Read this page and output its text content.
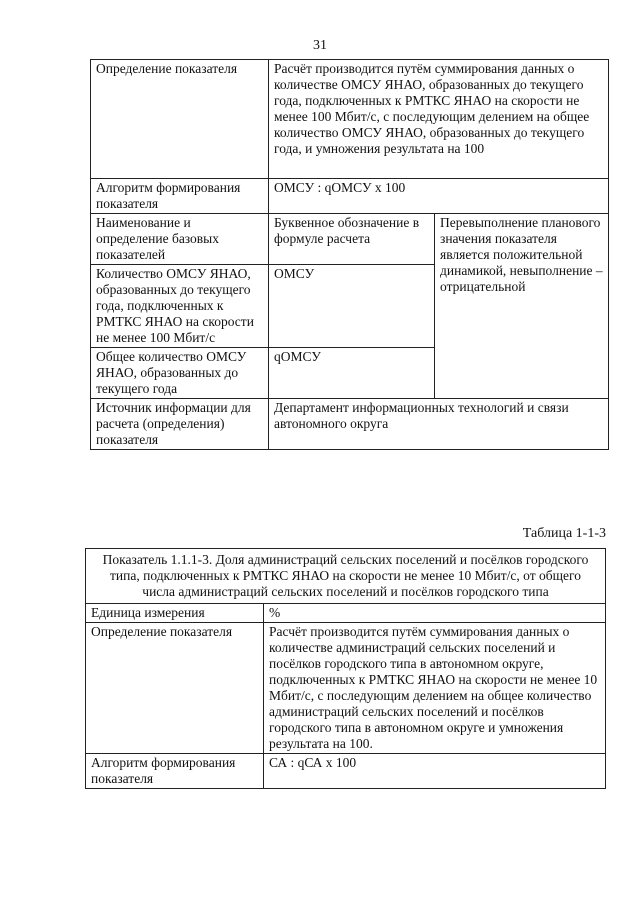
31
Определение показателя	Расчёт производится путём суммирования данных о количестве ОМСУ ЯНАО, образованных до текущего года, подключенных к РМТКС ЯНАО на скорости не менее 100 Мбит/с, с последующим делением на общее количество ОМСУ ЯНАО, образованных до текущего года, и умножения результата на 100	
Алгоритм формирования показателя	ОМСУ : qОМСУ х 100	
Наименование и определение базовых показателей	Буквенное обозначение в формуле расчета	Перевыполнение планового значения показателя является положительной динамикой, невыполнение – отрицательной
Количество ОМСУ ЯНАО, образованных до текущего года, подключенных к РМТКС ЯНАО на скорости не менее 100 Мбит/с	ОМСУ	
Общее количество ОМСУ ЯНАО, образованных до текущего года	qОМСУ	
Источник информации для расчета (определения) показателя	Департамент информационных технологий и связи автономного округа	
Таблица 1-1-3
Показатель 1.1.1-3. Доля администраций сельских поселений и посёлков городского типа, подключенных к РМТКС ЯНАО на скорости не менее 10 Мбит/с, от общего числа администраций сельских поселений и посёлков городского типа	
Единица измерения	%
Определение показателя	Расчёт производится путём суммирования данных о количестве администраций сельских поселений и посёлков городского типа в автономном округе, подключенных к РМТКС ЯНАО на скорости не менее 10 Мбит/с, с последующим делением на общее количество администраций сельских поселений и посёлков городского типа в автономном округе и умножения результата на 100.
Алгоритм формирования показателя	СА : qСА х 100
